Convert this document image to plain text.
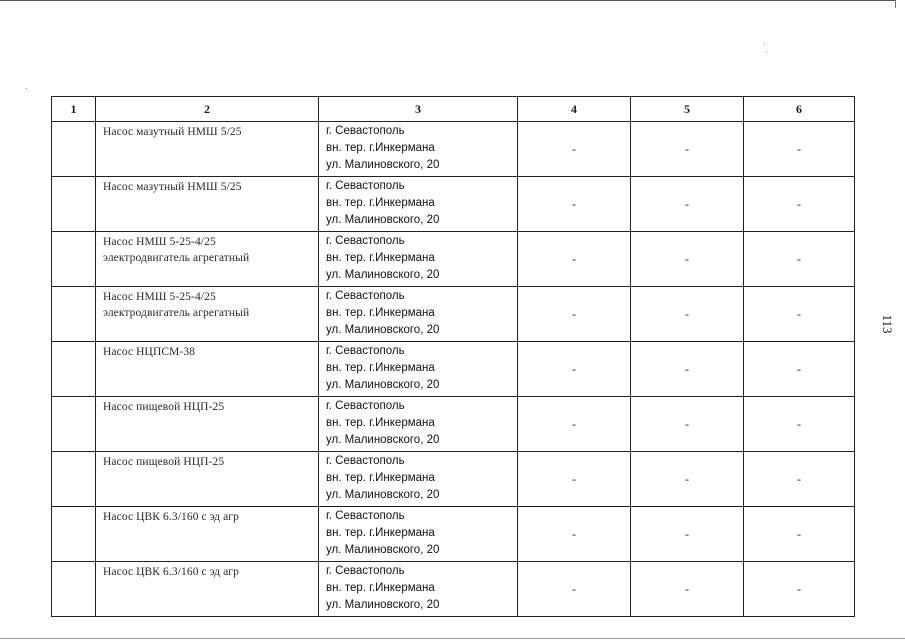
1	2	3	4	5	6
	Насос мазутный НМШ 5/25	г. Севастополь
вн. тер. г.Инкермана
ул. Малиновского, 20	-	-	-
	Насос мазутный НМШ 5/25	г. Севастополь
вн. тер. г.Инкермана
ул. Малиновского, 20	-	-	-
	Насос НМШ 5-25-4/25
электродвигатель агрегатный	г. Севастополь
вн. тер. г.Инкермана
ул. Малиновского, 20	-	-	-
	Насос НМШ 5-25-4/25
электродвигатель агрегатный	г. Севастополь
вн. тер. г.Инкермана
ул. Малиновского, 20	-	-	-
	Насос НЦПСМ-38	г. Севастополь
вн. тер. г.Инкермана
ул. Малиновского, 20	-	-	-
	Насос пищевой НЦП-25	г. Севастополь
вн. тер. г.Инкермана
ул. Малиновского, 20	-	-	-
	Насос пищевой НЦП-25	г. Севастополь
вн. тер. г.Инкермана
ул. Малиновского, 20	-	-	-
	Насос ЦВК 6.3/160 с эд агр	г. Севастополь
вн. тер. г.Инкермана
ул. Малиновского, 20	-	-	-
	Насос ЦВК 6.3/160 с эд агр	г. Севастополь
вн. тер. г.Инкермана
ул. Малиновского, 20	-	-	-
113
